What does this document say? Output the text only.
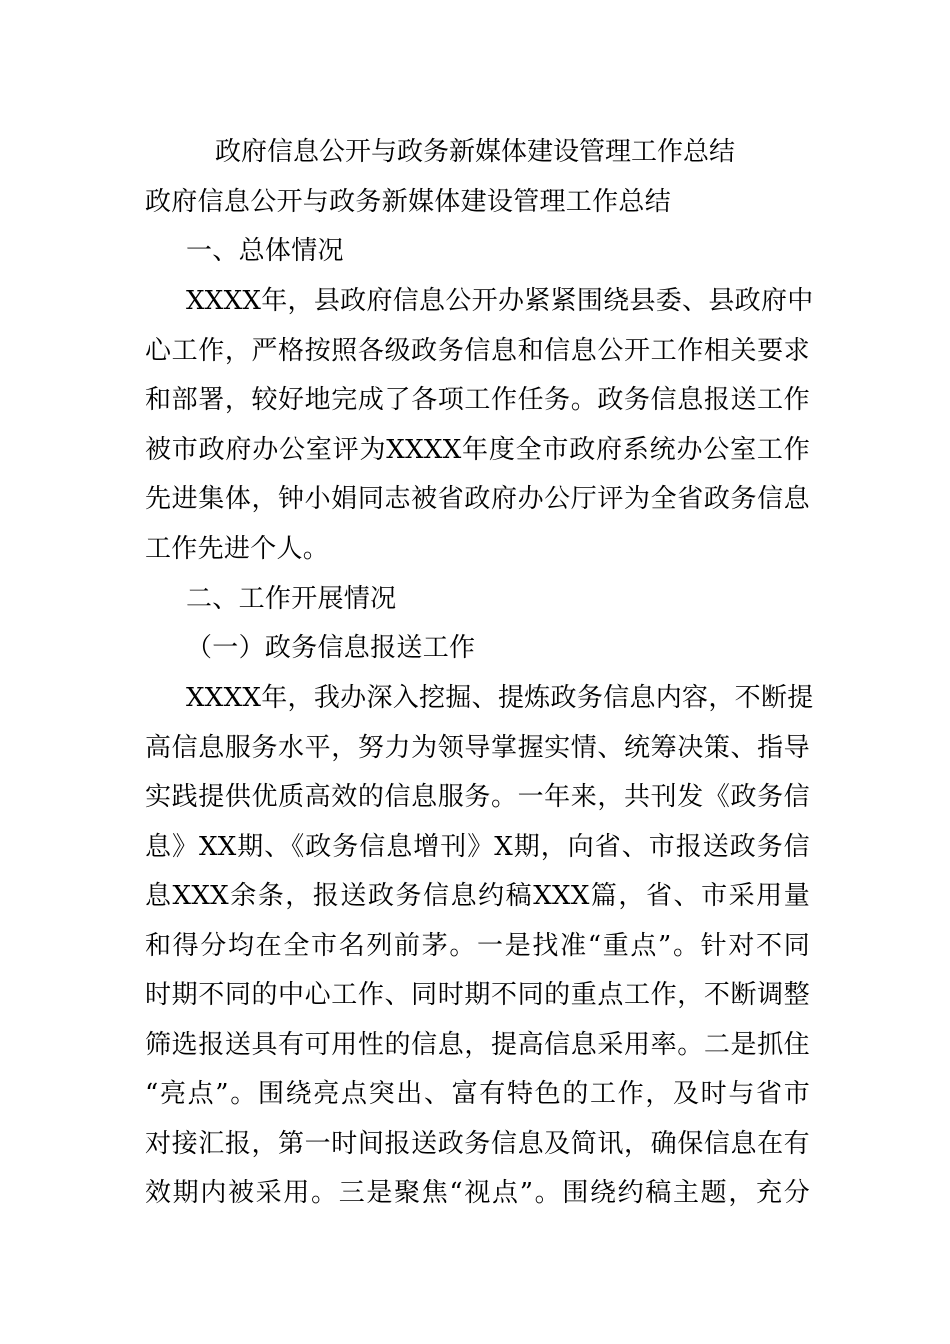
政府信息公开与政务新媒体建设管理工作总结
政府信息公开与政务新媒体建设管理工作总结
一、总体情况
XXXX年，县政府信息公开办紧紧围绕县委、县政府中
心工作，严格按照各级政务信息和信息公开工作相关要求
和部署，较好地完成了各项工作任务。政务信息报送工作
被市政府办公室评为XXXX年度全市政府系统办公室工作
先进集体，钟小娟同志被省政府办公厅评为全省政务信息
工作先进个人。
二、工作开展情况
（一）政务信息报送工作
XXXX年，我办深入挖掘、提炼政务信息内容，不断提
高信息服务水平，努力为领导掌握实情、统筹决策、指导
实践提供优质高效的信息服务。一年来，共刊发《政务信
息》XX期、《政务信息增刊》X期，向省、市报送政务信
息XXX余条，报送政务信息约稿XXX篇，省、市采用量
和得分均在全市名列前茅。一是找准“重点”。针对不同
时期不同的中心工作、同时期不同的重点工作，不断调整
筛选报送具有可用性的信息，提高信息采用率。二是抓住
“亮点”。围绕亮点突出、富有特色的工作，及时与省市
对接汇报，第一时间报送政务信息及简讯，确保信息在有
效期内被采用。三是聚焦“视点”。围绕约稿主题，充分
